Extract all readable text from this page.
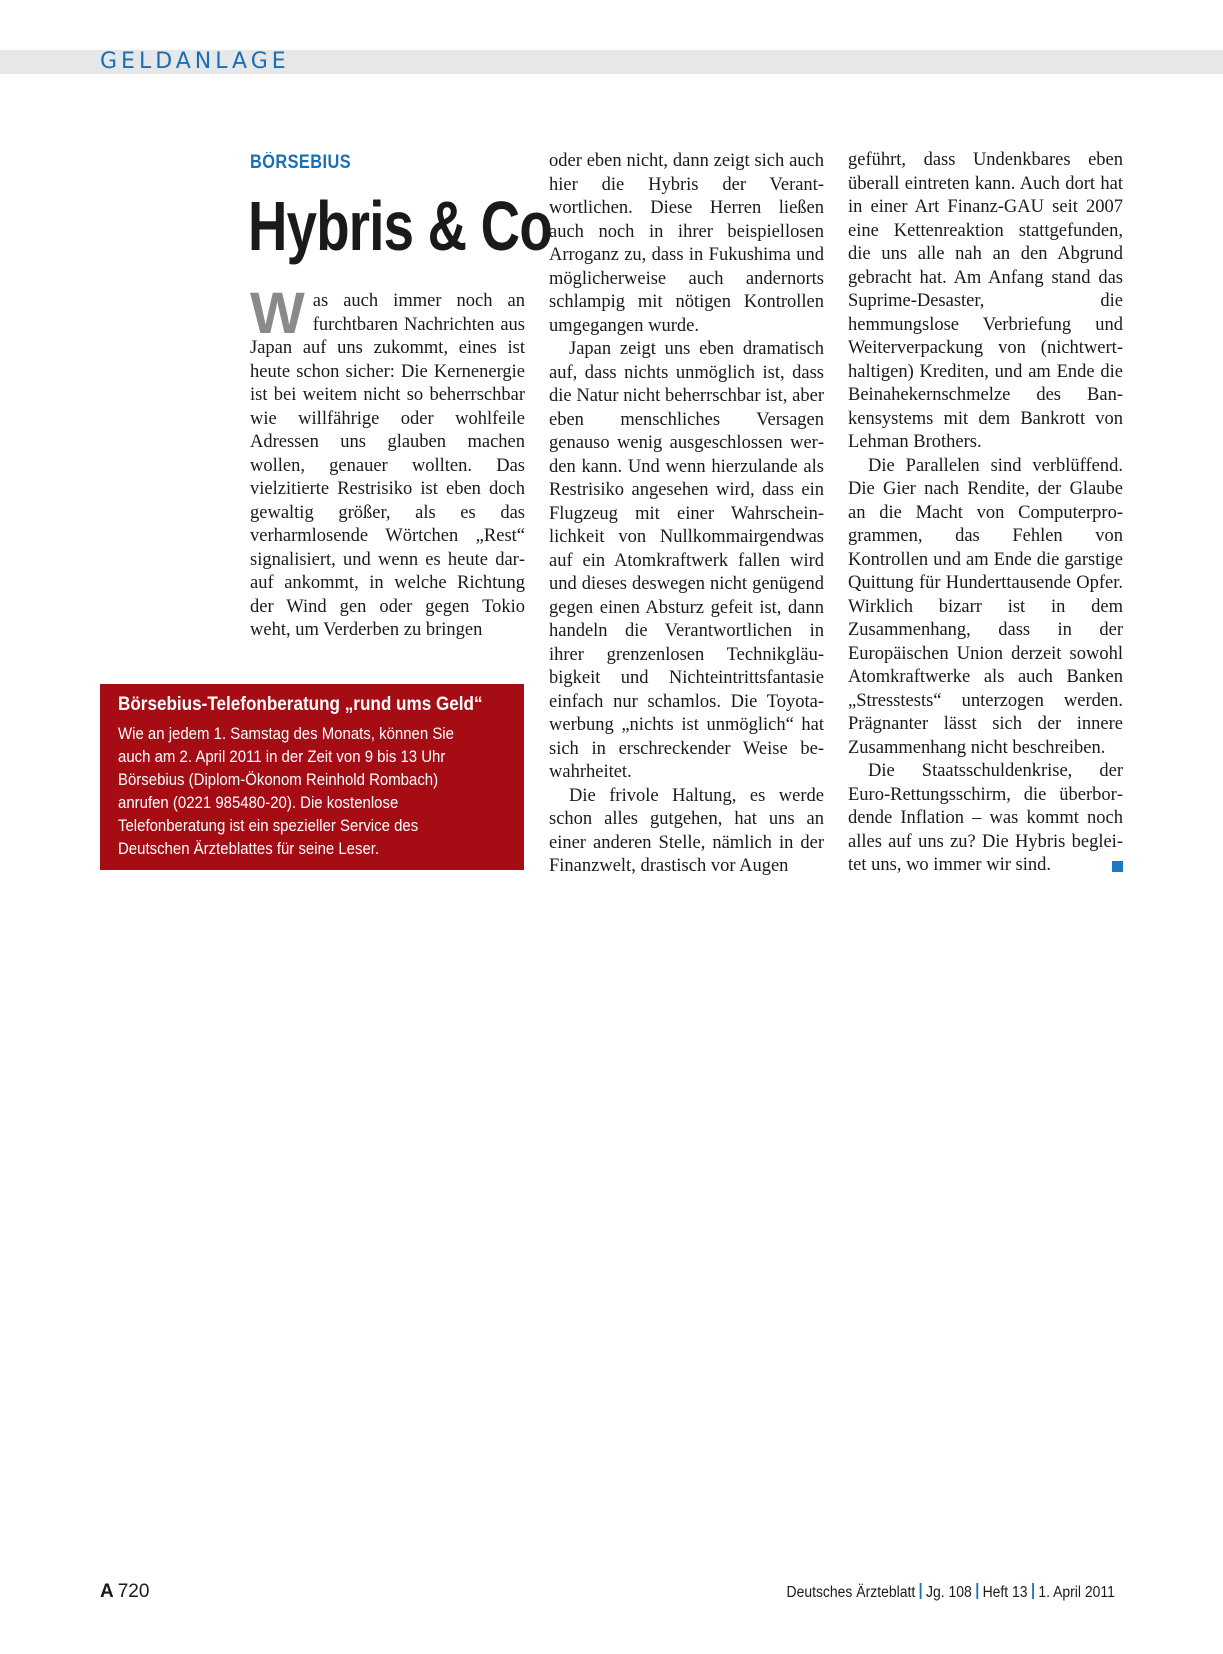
GELDANLAGE
BÖRSEBIUS
Hybris & Co

Was auch immer noch an furchtbaren Nachrichten aus Japan auf uns zukommt, eines ist heute schon sicher: Die Kernenergie ist bei weitem nicht so beherrschbar wie willfährige oder wohlfeile Adressen uns glauben machen wollen, genauer wollten. Das vielzitierte Restrisiko ist eben doch gewaltig größer, als es das verharmlosende Wörtchen „Rest“ signalisiert, und wenn es heute darauf ankommt, in welche Richtung der Wind gen oder gegen Tokio weht, um Verderben zu bringen

oder eben nicht, dann zeigt sich auch hier die Hybris der Verantwortlichen. Diese Herren ließen auch noch in ihrer beispiellosen Arroganz zu, dass in Fukushima und möglicherweise auch andernorts schlampig mit nötigen Kontrollen umgegangen wurde.

Japan zeigt uns eben dramatisch auf, dass nichts unmöglich ist, dass die Natur nicht beherrschbar ist, aber eben menschliches Versagen genauso wenig ausgeschlossen werden kann. Und wenn hierzulande als Restrisiko angesehen wird, dass ein Flugzeug mit einer Wahrscheinlichkeit von Nullkommairgendwas auf ein Atomkraftwerk fallen wird und dieses deswegen nicht genügend gegen einen Absturz gefeit ist, dann handeln die Verantwortlichen in ihrer grenzenlosen Technikgläubigkeit und Nichteintrittsfantasie einfach nur schamlos. Die Toyotawerbung „nichts ist unmöglich“ hat sich in erschreckender Weise bewahrheitet.

Die frivole Haltung, es werde schon alles gutgehen, hat uns an einer anderen Stelle, nämlich in der Finanzwelt, drastisch vor Augen

geführt, dass Undenkbares eben überall eintreten kann. Auch dort hat in einer Art Finanz-GAU seit 2007 eine Kettenreaktion stattgefunden, die uns alle nah an den Abgrund gebracht hat. Am Anfang stand das Suprime-Desaster, die hemmungslose Verbriefung und Weiterverpackung von (nichtwerthaltigen) Krediten, und am Ende die Beinahekernschmelze des Bankensystems mit dem Bankrott von Lehman Brothers.

Die Parallelen sind verblüffend. Die Gier nach Rendite, der Glaube an die Macht von Computerprogrammen, das Fehlen von Kontrollen und am Ende die garstige Quittung für Hunderttausende Opfer. Wirklich bizarr ist in dem Zusammenhang, dass in der Europäischen Union derzeit sowohl Atomkraftwerke als auch Banken „Stresstests“ unterzogen werden. Prägnanter lässt sich der innere Zusammenhang nicht beschreiben.

Die Staatsschuldenkrise, der Euro-Rettungsschirm, die überbordende Inflation – was kommt noch alles auf uns zu? Die Hybris begleitet uns, wo immer wir sind.

Börsebius-Telefonberatung „rund ums Geld“
Wie an jedem 1. Samstag des Monats, können Sie auch am 2. April 2011 in der Zeit von 9 bis 13 Uhr Börsebius (Diplom-Ökonom Reinhold Rombach) anrufen (0221 985480-20). Die kostenlose Telefonberatung ist ein spezieller Service des Deutschen Ärzteblattes für seine Leser.
A 720	Deutsches Ärzteblatt Jg. 108 Heft 13 1. April 2011
